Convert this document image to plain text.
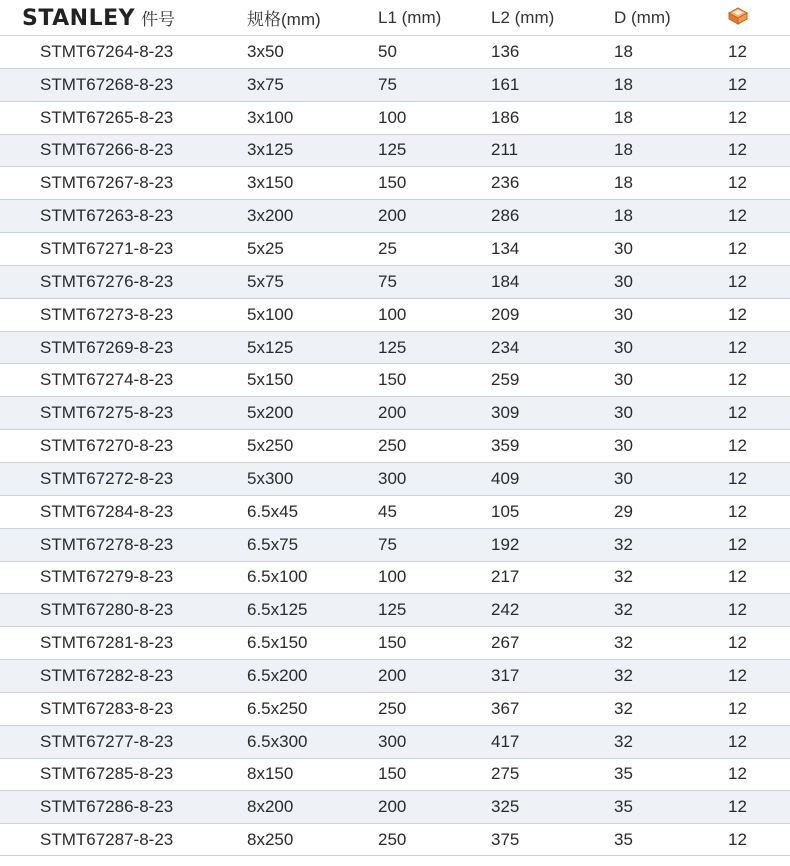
STANLEY 件号	规格(mm)	L1 (mm)	L2 (mm)	D (mm)
STMT67264-8-23	3x50	50	136	18	12
STMT67268-8-23	3x75	75	161	18	12
STMT67265-8-23	3x100	100	186	18	12
STMT67266-8-23	3x125	125	211	18	12
STMT67267-8-23	3x150	150	236	18	12
STMT67263-8-23	3x200	200	286	18	12
STMT67271-8-23	5x25	25	134	30	12
STMT67276-8-23	5x75	75	184	30	12
STMT67273-8-23	5x100	100	209	30	12
STMT67269-8-23	5x125	125	234	30	12
STMT67274-8-23	5x150	150	259	30	12
STMT67275-8-23	5x200	200	309	30	12
STMT67270-8-23	5x250	250	359	30	12
STMT67272-8-23	5x300	300	409	30	12
STMT67284-8-23	6.5x45	45	105	29	12
STMT67278-8-23	6.5x75	75	192	32	12
STMT67279-8-23	6.5x100	100	217	32	12
STMT67280-8-23	6.5x125	125	242	32	12
STMT67281-8-23	6.5x150	150	267	32	12
STMT67282-8-23	6.5x200	200	317	32	12
STMT67283-8-23	6.5x250	250	367	32	12
STMT67277-8-23	6.5x300	300	417	32	12
STMT67285-8-23	8x150	150	275	35	12
STMT67286-8-23	8x200	200	325	35	12
STMT67287-8-23	8x250	250	375	35	12
